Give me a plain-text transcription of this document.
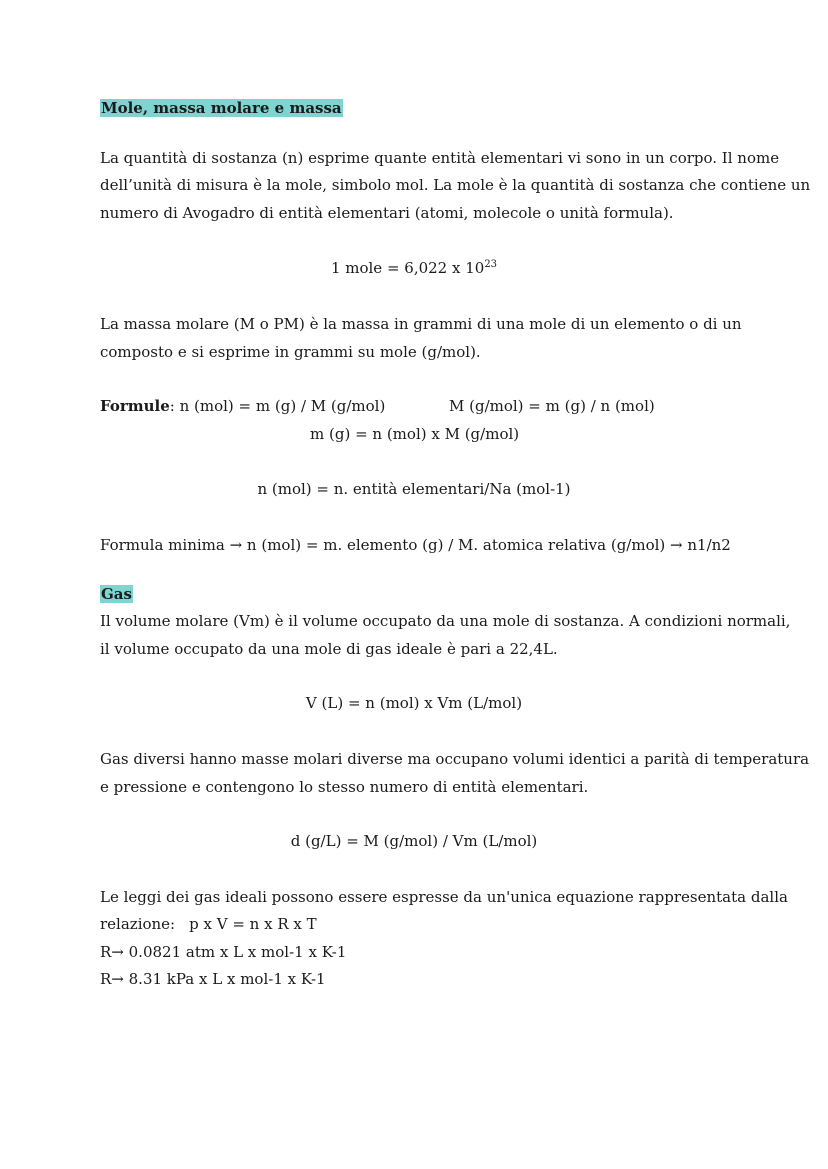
Mole, massa molare e massa
La quantità di sostanza (n) esprime quante entità elementari vi sono in un corpo. Il nome
dell’unità di misura è la mole, simbolo mol. La mole è la quantità di sostanza che contiene un
numero di Avogadro di entità elementari (atomi, molecole o unità formula).
1 mole = 6,022 x $10^{23}$
La massa molare (M o PM) è la massa in grammi di una mole di un elemento o di un
composto e si esprime in grammi su mole (g/mol).
Formule: n (mol) = m (g) / M (g/mol)	M (g/mol) = m (g) / n (mol)
m (g) = n (mol) x M (g/mol)
n (mol) = n. entità elementari/Na (mol-1)
Formula minima → n (mol) = m. elemento (g) / M. atomica relativa (g/mol) → n1/n2
Gas
Il volume molare (Vm) è il volume occupato da una mole di sostanza. A condizioni normali,
il volume occupato da una mole di gas ideale è pari a 22,4L.
V (L) = n (mol) x Vm (L/mol)
Gas diversi hanno masse molari diverse ma occupano volumi identici a parità di temperatura
e pressione e contengono lo stesso numero di entità elementari.
d (g/L) = M (g/mol) / Vm (L/mol)
Le leggi dei gas ideali possono essere espresse da un'unica equazione rappresentata dalla
relazione: p x V = n x R x T
R→ 0.0821 atm x L x mol-1 x K-1
R→ 8.31 kPa x L x mol-1 x K-1
